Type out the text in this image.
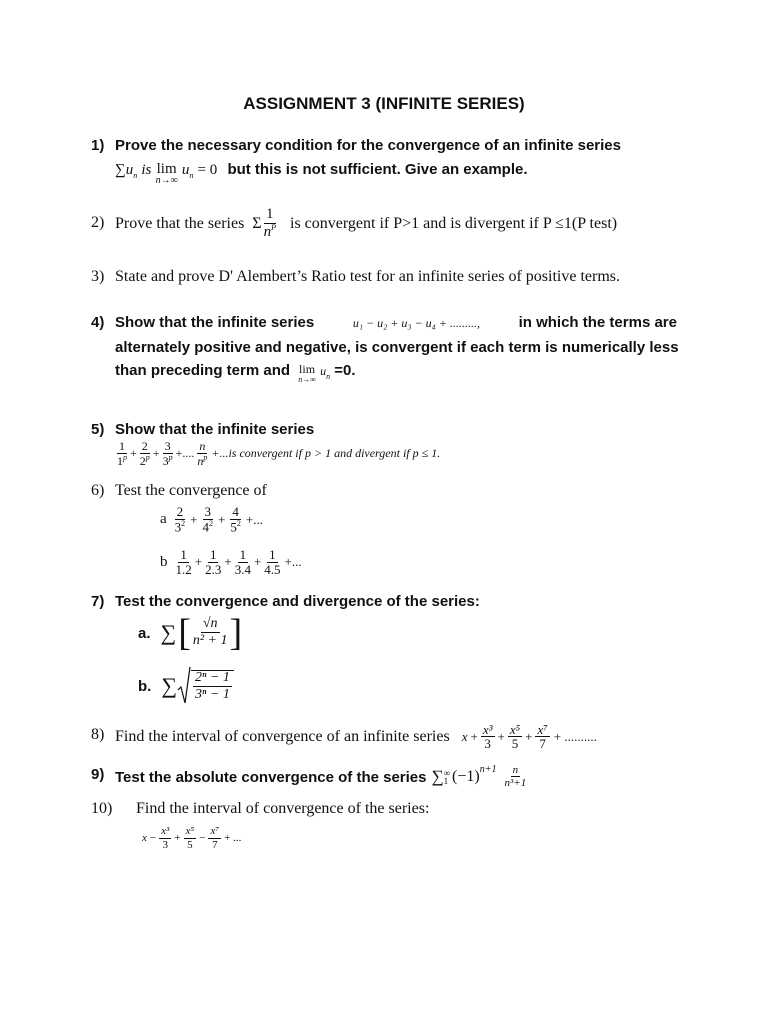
ASSIGNMENT 3 (INFINITE SERIES)
1) Prove the necessary condition for the convergence of an infinite series
$\sum u_n$ is lim
n→∞
$u_n = 0$ but this is not sufficient. Give an example.
2) Prove that the series Σ $\frac{1}{n^P}$ is convergent if P>1 and is divergent if P ≤1(P test)
3) State and prove D' Alembert’s Ratio test for an infinite series of positive terms.
4) Show that the infinite series	u₁ − u₂ + u₃ − u₄ + .........,	in which the terms are
alternately positive and negative, is convergent if each term is numerically less
than preceding term and lim
n→∞
$u_n =0$.
5) Show that the infinite series
$\frac{1}{1^p} + \frac{2}{2^p} + \frac{3}{3^p}$ +.... $\frac{n}{n^p} +...is$ convergent if p > 1 and divergent if p ≤ 1.
6) Test the convergence of
a $\frac{2}{3^2} + \frac{3}{4^2} + \frac{4}{5^2}$ +...
b $\frac{1}{1.2} + \frac{1}{2.3} + \frac{1}{3.4} + \frac{1}{4.5}$ +...
7) Test the convergence and divergence of the series:
a. ∑ [ $\frac{√n}{\text{n² + 1}}$ ]
b. ∑ $\frac{\text{2ⁿ − 1}}{\text{3ⁿ − 1}}$
8) Find the interval of convergence of an infinite series $x + \frac{\text{x³}}{3} + \frac{\text{x⁵}}{5} + \frac{\text{x⁷}}{7}$ + ..........
9) Test the absolute convergence of the series ∑ ∞
1 $(-1)^{n+1} \frac{n}{\text{n³+1}}$
10) Find the interval of convergence of the series:
$x - \frac{\text{x³}}{3} + \frac{\text{x⁵}}{5} - \frac{\text{x⁷}}{7}$ + ...
